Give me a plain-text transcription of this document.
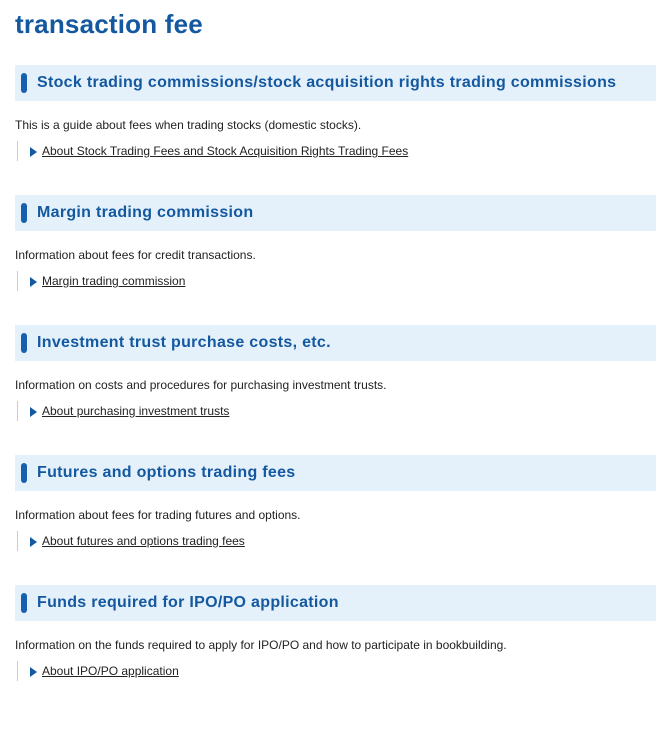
transaction fee
Stock trading commissions/stock acquisition rights trading commissions

This is a guide about fees when trading stocks (domestic stocks).

About Stock Trading Fees and Stock Acquisition Rights Trading Fees
Margin trading commission

Information about fees for credit transactions.

Margin trading commission
Investment trust purchase costs, etc.

Information on costs and procedures for purchasing investment trusts.

About purchasing investment trusts
Futures and options trading fees

Information about fees for trading futures and options.

About futures and options trading fees
Funds required for IPO/PO application

Information on the funds required to apply for IPO/PO and how to participate in bookbuilding.

About IPO/PO application
